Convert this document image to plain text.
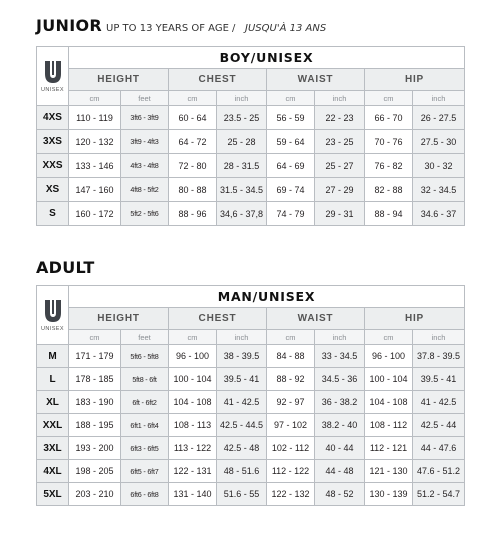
JUNIOR UP TO 13 YEARS OF AGE / JUSQU'À 13 ANS
UNISEX	BOY/UNISEX							
	HEIGHT		CHEST		WAIST		HIP	
	cm	feet	cm	inch	cm	inch	cm	inch
4XS	110 - 119	3ft6 - 3ft9	60 - 64	23.5 - 25	56 - 59	22 - 23	66 - 70	26 - 27.5
3XS	120 - 132	3ft9 - 4ft3	64 - 72	25 - 28	59 - 64	23 - 25	70 - 76	27.5 - 30
XXS	133 - 146	4ft3 - 4ft8	72 - 80	28 - 31.5	64 - 69	25 - 27	76 - 82	30 - 32
XS	147 - 160	4ft8 - 5ft2	80 - 88	31.5 - 34.5	69 - 74	27 - 29	82 - 88	32 - 34.5
S	160 - 172	5ft2 - 5ft6	88 - 96	34,6 - 37,8	74 - 79	29 - 31	88 - 94	34.6 - 37
ADULT
UNISEX	MAN/UNISEX							
	HEIGHT		CHEST		WAIST		HIP	
	cm	feet	cm	inch	cm	inch	cm	inch
M	171 - 179	5ft6 - 5ft8	96 - 100	38 - 39.5	84 - 88	33 - 34.5	96 - 100	37.8 - 39.5
L	178 - 185	5ft8 - 6ft	100 - 104	39.5 - 41	88 - 92	34.5 - 36	100 - 104	39.5 - 41
XL	183 - 190	6ft - 6ft2	104 - 108	41 - 42.5	92 - 97	36 - 38.2	104 - 108	41 - 42.5
XXL	188 - 195	6ft1 - 6ft4	108 - 113	42.5 - 44.5	97 - 102	38.2 - 40	108 - 112	42.5 - 44
3XL	193 - 200	6ft3 - 6ft5	113 - 122	42.5 - 48	102 - 112	40 - 44	112 - 121	44 - 47.6
4XL	198 - 205	6ft5 - 6ft7	122 - 131	48 - 51.6	112 - 122	44 - 48	121 - 130	47.6 - 51.2
5XL	203 - 210	6ft6 - 6ft8	131 - 140	51.6 - 55	122 - 132	48 - 52	130 - 139	51.2 - 54.7
